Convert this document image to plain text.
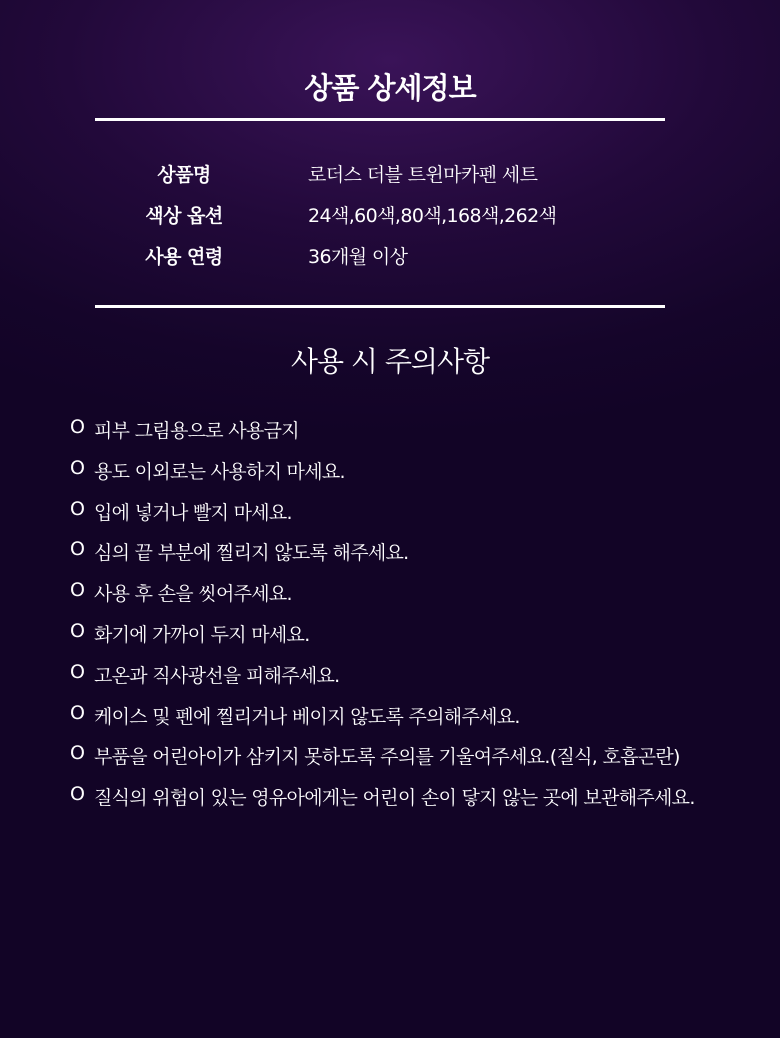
상품 상세정보
상품명	로더스 더블 트윈마카펜 세트
색상 옵션	24색,60색,80색,168색,262색
사용 연령	36개월 이상
사용 시 주의사항
O 피부 그림용으로 사용금지
O 용도 이외로는 사용하지 마세요.
O 입에 넣거나 빨지 마세요.
O 심의 끝 부분에 찔리지 않도록 해주세요.
O 사용 후 손을 씻어주세요.
O 화기에 가까이 두지 마세요.
O 고온과 직사광선을 피해주세요.
O 케이스 및 펜에 찔리거나 베이지 않도록 주의해주세요.
O 부품을 어린아이가 삼키지 못하도록 주의를 기울여주세요.(질식, 호흡곤란)
O 질식의 위험이 있는 영유아에게는 어린이 손이 닿지 않는 곳에 보관해주세요.
